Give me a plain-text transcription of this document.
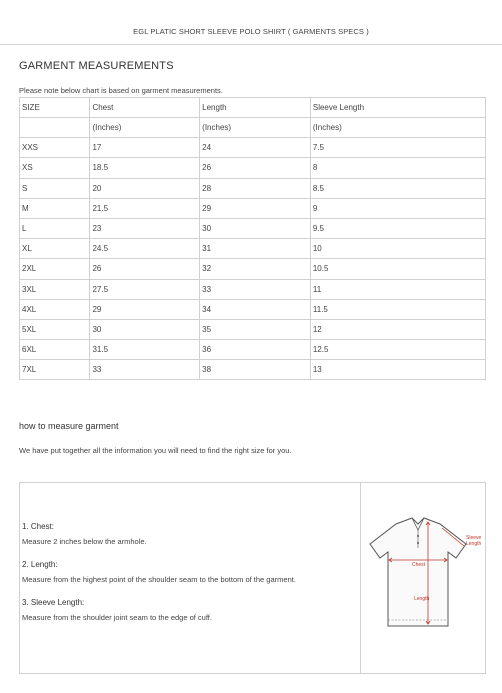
EGL PLATIC SHORT SLEEVE POLO SHIRT ( GARMENTS SPECS )
GARMENT MEASUREMENTS
Please note below chart is based on garment measurements.
SIZE	Chest	Length	Sleeve Length
	(Inches)	(Inches)	(Inches)
XXS	17	24	7.5
XS	18.5	26	8
S	20	28	8.5
M	21.5	29	9
L	23	30	9.5
XL	24.5	31	10
2XL	26	32	10.5
3XL	27.5	33	11
4XL	29	34	11.5
5XL	30	35	12
6XL	31.5	36	12.5
7XL	33	38	13
how to measure garment
We have put together all the information you will need to find the right size for you.
1. Chest:
Measure 2 inches below the armhole.
2. Length:
Measure from the highest point of the shoulder seam to the bottom of the garment.
3. Sleeve Length:
Measure from the shoulder joint seam to the edge of cuff.
Chest
Length
Sleeve
Length
